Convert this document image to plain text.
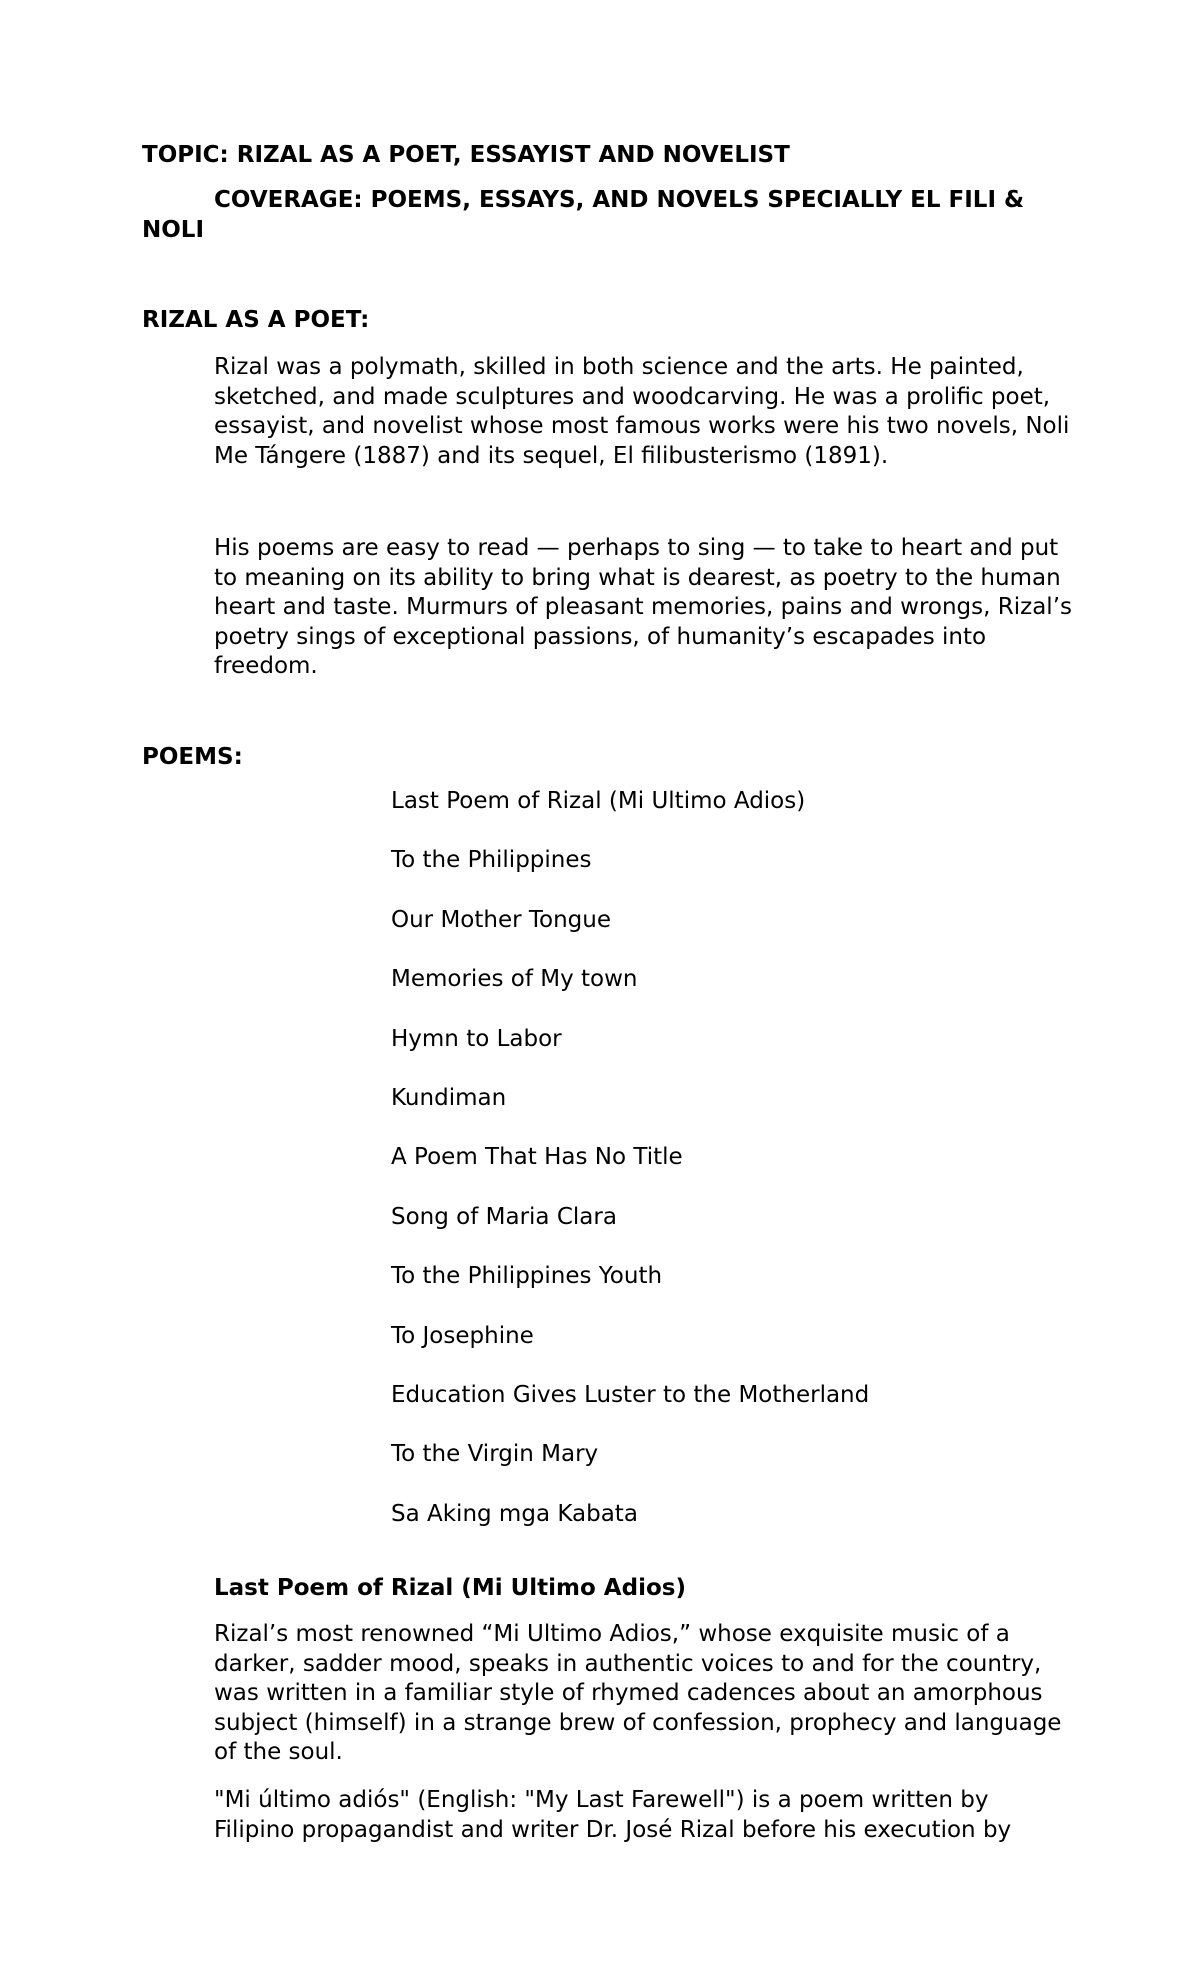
TOPIC: RIZAL AS A POET, ESSAYIST AND NOVELIST

COVERAGE: POEMS, ESSAYS, AND NOVELS SPECIALLY EL FILI & NOLI

RIZAL AS A POET:

Rizal was a polymath, skilled in both science and the arts. He painted, sketched, and made sculptures and woodcarving. He was a prolific poet, essayist, and novelist whose most famous works were his two novels, Noli Me Tángere (1887) and its sequel, El filibusterismo (1891).

His poems are easy to read — perhaps to sing — to take to heart and put to meaning on its ability to bring what is dearest, as poetry to the human heart and taste. Murmurs of pleasant memories, pains and wrongs, Rizal’s poetry sings of exceptional passions, of humanity’s escapades into freedom.

POEMS:

Last Poem of Rizal (Mi Ultimo Adios)
To the Philippines
Our Mother Tongue
Memories of My town
Hymn to Labor
Kundiman
A Poem That Has No Title
Song of Maria Clara
To the Philippines Youth
To Josephine
Education Gives Luster to the Motherland
To the Virgin Mary
Sa Aking mga Kabata

Last Poem of Rizal (Mi Ultimo Adios)

Rizal’s most renowned “Mi Ultimo Adios,” whose exquisite music of a darker, sadder mood, speaks in authentic voices to and for the country, was written in a familiar style of rhymed cadences about an amorphous subject (himself) in a strange brew of confession, prophecy and language of the soul.

"Mi último adiós" (English: "My Last Farewell") is a poem written by Filipino propagandist and writer Dr. José Rizal before his execution by
